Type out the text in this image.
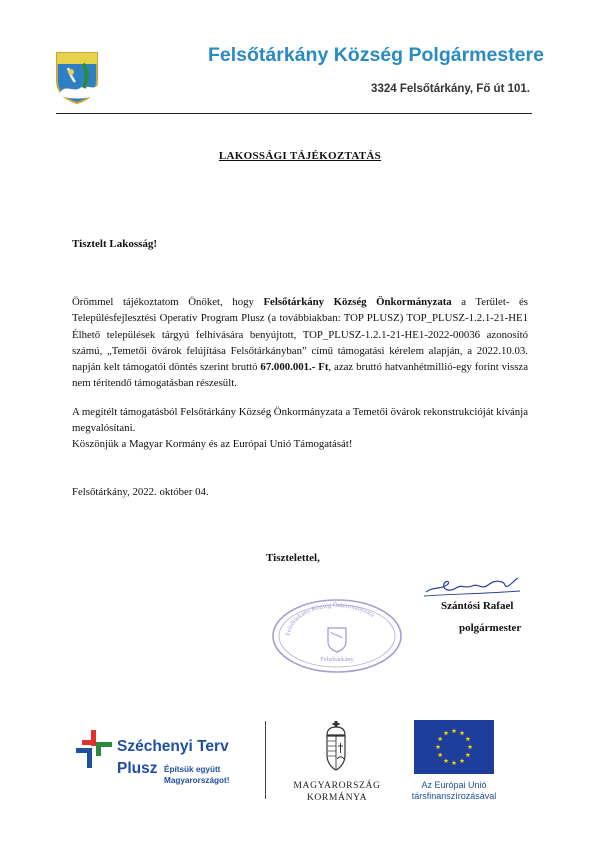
Felsőtárkány Község Polgármestere
3324 Felsőtárkány, Fő út 101.
LAKOSSÁGI TÁJÉKOZTATÁS
Tisztelt Lakosság!
Örömmel tájékoztatom Önöket, hogy Felsőtárkány Község Önkormányzata a Terület- és Településfejlesztési Operatív Program Plusz (a továbbiakban: TOP PLUSZ) TOP_PLUSZ-1.2.1-21-HE1 Élhető települések tárgyú felhívására benyújtott, TOP_PLUSZ-1.2.1-21-HE1-2022-00036 azonosító számú, „Temetői övárok felújítása Felsőtárkányban” című támogatási kérelem alapján, a 2022.10.03. napján kelt támogatói döntés szerint bruttó 67.000.001.- Ft, azaz bruttó hatvanhétmillió-egy forint vissza nem térítendő támogatásban részesült.
A megítélt támogatásból Felsőtárkány Község Önkormányzata a Temetői övárok rekonstrukcióját kívánja megvalósítani.
Köszönjük a Magyar Kormány és az Európai Unió Támogatását!
Felsőtárkány, 2022. október 04.
Tisztelettel,
Szántósi Rafael
polgármester
Felsőtárkány Község Önkormányzata
Felsőtárkány
Széchenyi Terv
Plusz Építsük együtt
Magyarországot!	MAGYARORSZÁG
KORMÁNYA
Az Európai Unió
társfinanszírozásával
